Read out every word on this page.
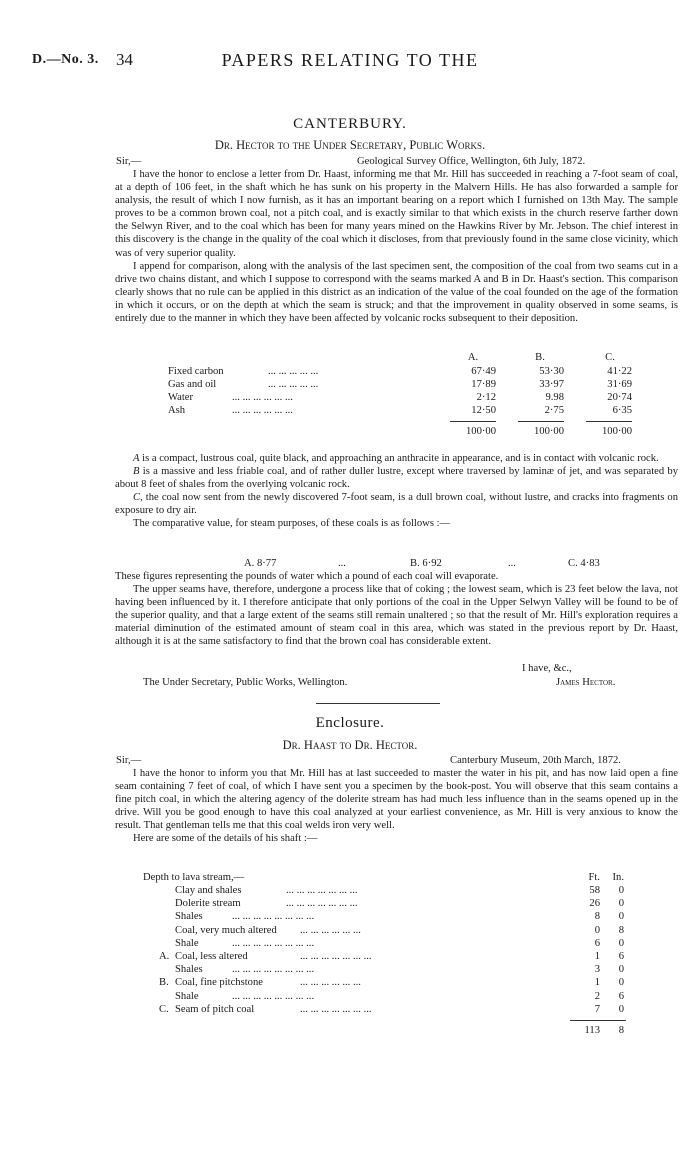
D.—No. 3. 34	PAPERS RELATING TO THE
CANTERBURY.
Dr. Hector to the Under Secretary, Public Works.
Sir,—	Geological Survey Office, Wellington, 6th July, 1872.

I have the honor to enclose a letter from Dr. Haast, informing me that Mr. Hill has succeeded in reaching a 7-foot seam of coal, at a depth of 106 feet, in the shaft which he has sunk on his property in the Malvern Hills. He has also forwarded a sample for analysis, the result of which I now furnish, as it has an important bearing on a report which I furnished on 13th May. The sample proves to be a common brown coal, not a pitch coal, and is exactly similar to that which exists in the church reserve farther down the Selwyn River, and to the coal which has been for many years mined on the Hawkins River by Mr. Jebson. The chief interest in this discovery is the change in the quality of the coal which it discloses, from that previously found in the same close vicinity, which was of very superior quality.

I append for comparison, along with the analysis of the last specimen sent, the composition of the coal from two seams cut in a drive two chains distant, and which I suppose to correspond with the seams marked A and B in Dr. Haast's section. This comparison clearly shows that no rule can be applied in this district as an indication of the value of the coal founded on the age of the formation in which it occurs, or on the depth at which the seam is struck; and that the improvement in quality observed in some seams, is entirely due to the manner in which they have been affected by volcanic rocks subsequent to their deposition.

A.	B.	C.
Fixed carbon	... ... ... ... ...	67·49	53·30	41·22
Gas and oil	... ... ... ... ...	17·89	33·97	31·69
Water	... ... ... ... ... ...	2·12	9.98	20·74
Ash	... ... ... ... ... ...	12·50	2·75	6·35
100·00	100·00	100·00

A is a compact, lustrous coal, quite black, and approaching an anthracite in appearance, and is in contact with volcanic rock.

B is a massive and less friable coal, and of rather duller lustre, except where traversed by laminæ of jet, and was separated by about 8 feet of shales from the overlying volcanic rock.

C, the coal now sent from the newly discovered 7-foot seam, is a dull brown coal, without lustre, and cracks into fragments on exposure to dry air.

The comparative value, for steam purposes, of these coals is as follows :—

A. 8·77	...	B. 6·92	...	C. 4·83

These figures representing the pounds of water which a pound of each coal will evaporate.

The upper seams have, therefore, undergone a process like that of coking ; the lowest seam, which is 23 feet below the lava, not having been influenced by it. I therefore anticipate that only portions of the coal in the Upper Selwyn Valley will be found to be of the superior quality, and that a large extent of the seams still remain unaltered ; so that the result of Mr. Hill's exploration requires a material diminution of the estimated amount of steam coal in this area, which was stated in the previous report by Dr. Haast, although it is at the same satisfactory to find that the brown coal has considerable extent.

I have, &c.,
The Under Secretary, Public Works, Wellington.	James Hector.
Enclosure.
Dr. Haast to Dr. Hector.
Sir,—	Canterbury Museum, 20th March, 1872.

I have the honor to inform you that Mr. Hill has at last succeeded to master the water in his pit, and has now laid open a fine seam containing 7 feet of coal, of which I have sent you a specimen by the book-post. You will observe that this seam contains a fine pitch coal, in which the altering agency of the dolerite stream has had much less influence than in the seams opened up in the drive. Will you be good enough to have this coal analyzed at your earliest convenience, as Mr. Hill is very anxious to know the result. That gentleman tells me that this coal welds iron very well.

Here are some of the details of his shaft :—

Depth to lava stream,—	Ft.	In.
Clay and shales	... ... ... ... ... ... ...	58	0
Dolerite stream	... ... ... ... ... ... ...	26	0
Shales	... ... ... ... ... ... ... ...	8	0
Coal, very much altered ... ... ... ... ... ...	0	8
Shale	... ... ... ... ... ... ... ...	6	0
A. Coal, less altered	... ... ... ... ... ... ...	1	6
Shales	... ... ... ... ... ... ... ...	3	0
B. Coal, fine pitchstone	... ... ... ... ... ...	1	0
Shale	... ... ... ... ... ... ... ...	2	6
C. Seam of pitch coal	... ... ... ... ... ... ...	7	0
113	8
